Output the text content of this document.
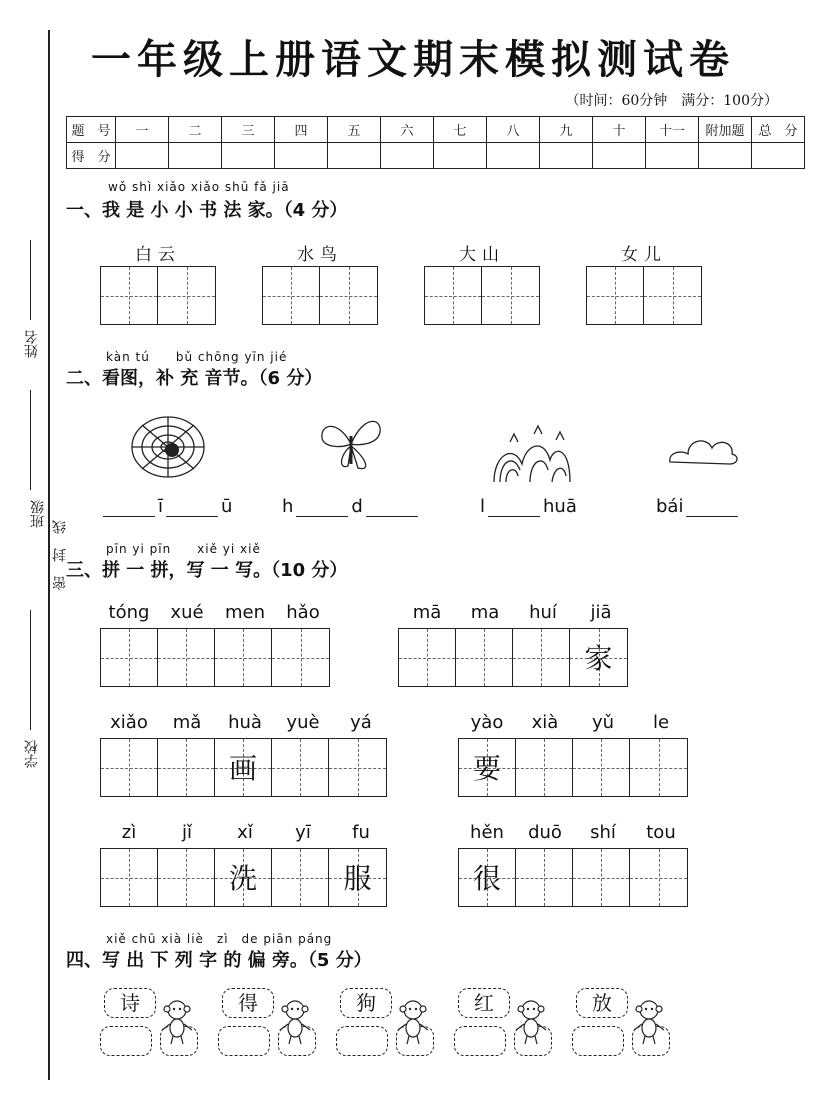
姓名
班级
密　封　线
学校
一年级上册语文期末模拟测试卷
（时间：60分钟　满分：100分）
题　号	一	二	三	四	五	六	七	八	九	十	十一	附加题	总　分
得　分													
wǒ shì xiǎo xiǎo shū fǎ jiā
一、我 是 小 小 书 法 家。（4 分）
白云	水鸟	大山	女儿
kàn tú　　bǔ chōng yīn jié
二、看图，补 充 音节。（6 分）
ī	ū	h	d	l	huā	bái
pīn yi pīn　　xiě yi xiě
三、拼 一 拼，写 一 写。（10 分）
tóng	xué	men	hǎo	mā	ma	huí	jiā
家
xiǎo	mǎ	huà	yuè	yá
画
yào	xià	yǔ	le
要
zì	jǐ	xǐ	yī	fu
洗	服
hěn	duō	shí	tou
很
xiě chū xià liè　zì　de piān páng
四、写 出 下 列 字 的 偏 旁。（5 分）
诗	得	狗	红	放
